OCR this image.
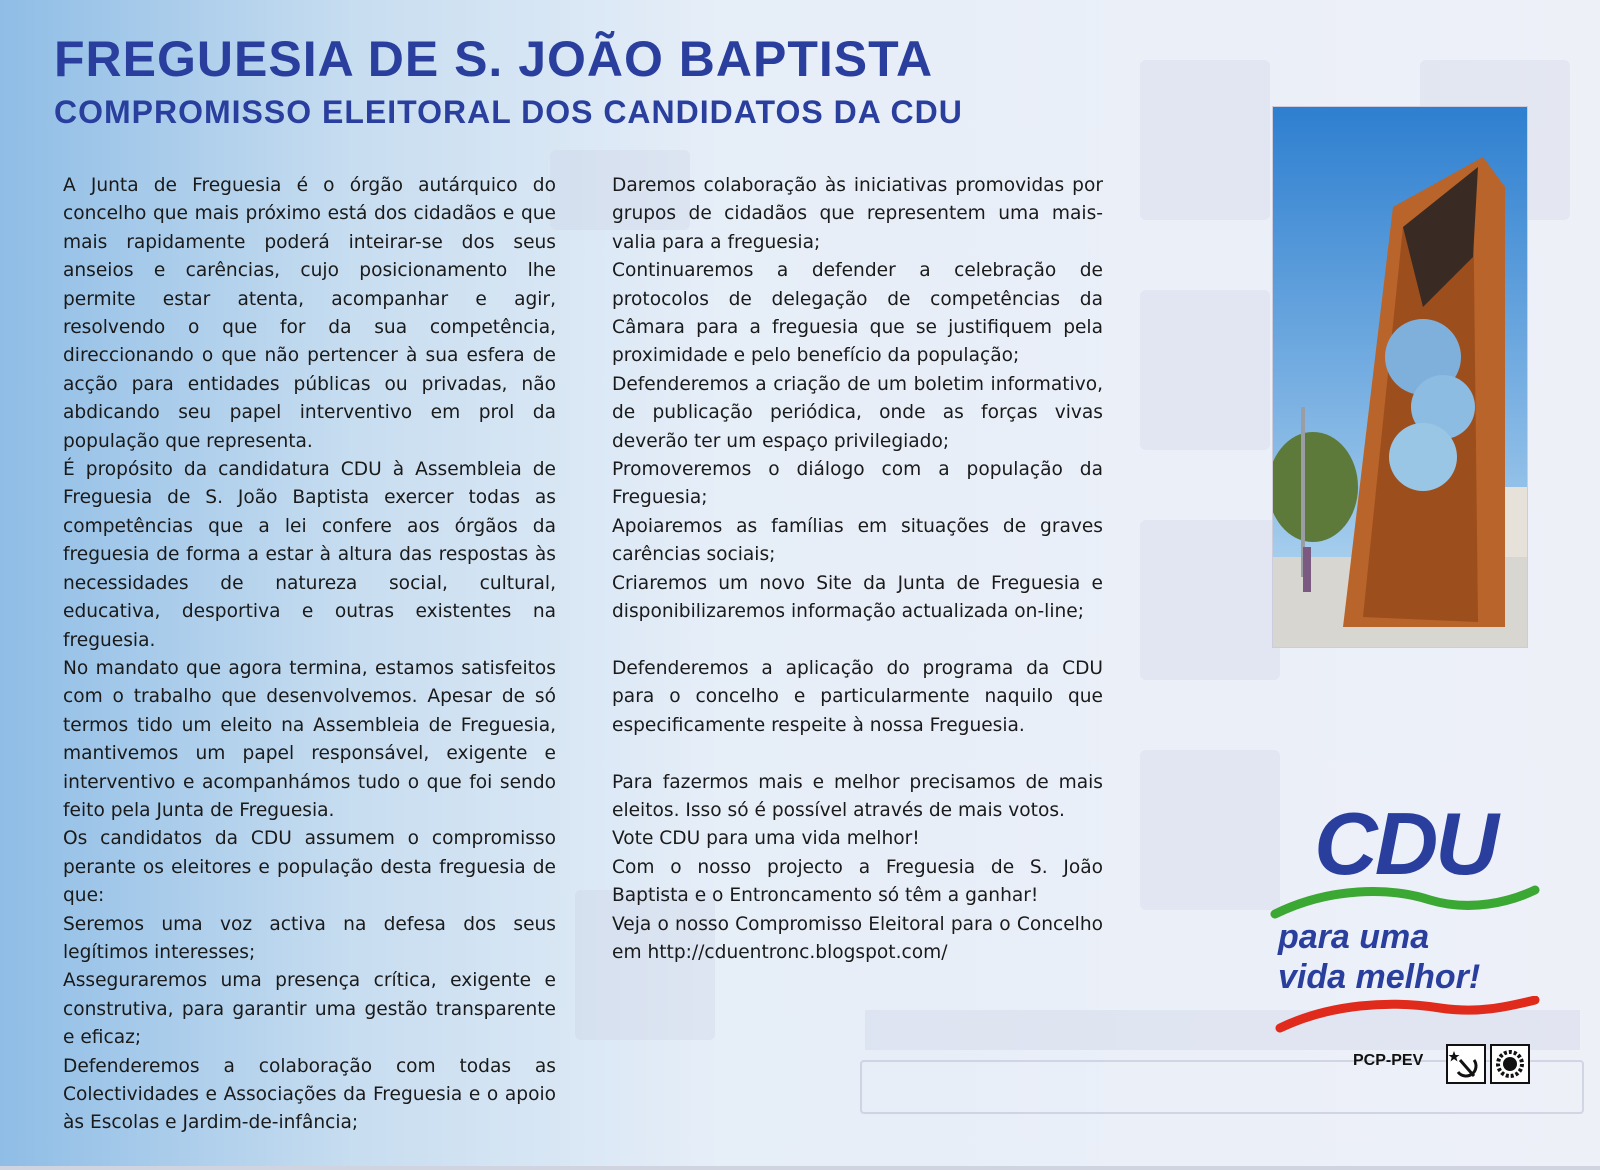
FREGUESIA DE S. JOÃO BAPTISTA
COMPROMISSO ELEITORAL DOS CANDIDATOS DA CDU

A Junta de Freguesia é o órgão autárquico do concelho que mais próximo está dos cidadãos e que mais rapidamente poderá inteirar-se dos seus anseios e carências, cujo posicionamento lhe permite estar atenta, acompanhar e agir, resolvendo o que for da sua competência, direccionando o que não pertencer à sua esfera de acção para entidades públicas ou privadas, não abdicando seu papel interventivo em prol da população que representa.

É propósito da candidatura CDU à Assembleia de Freguesia de S. João Baptista exercer todas as competências que a lei confere aos órgãos da freguesia de forma a estar à altura das respostas às necessidades de natureza social, cultural, educativa, desportiva e outras existentes na freguesia.

No mandato que agora termina, estamos satisfeitos com o trabalho que desenvolvemos. Apesar de só termos tido um eleito na Assembleia de Freguesia, mantivemos um papel responsável, exigente e interventivo e acompanhámos tudo o que foi sendo feito pela Junta de Freguesia.

Os candidatos da CDU assumem o compromisso perante os eleitores e população desta freguesia de que:

Seremos uma voz activa na defesa dos seus legítimos interesses;

Asseguraremos uma presença crítica, exigente e construtiva, para garantir uma gestão transparente e eficaz;

Defenderemos a colaboração com todas as Colectividades e Associações da Freguesia e o apoio às Escolas e Jardim-de-infância;

Daremos colaboração às iniciativas promovidas por grupos de cidadãos que representem uma mais-valia para a freguesia;

Continuaremos a defender a celebração de protocolos de delegação de competências da Câmara para a freguesia que se justifiquem pela proximidade e pelo benefício da população;

Defenderemos a criação de um boletim informativo, de publicação periódica, onde as forças vivas deverão ter um espaço privilegiado;

Promoveremos o diálogo com a população da Freguesia;

Apoiaremos as famílias em situações de graves carências sociais;

Criaremos um novo Site da Junta de Freguesia e disponibilizaremos informação actualizada on-line;

Defenderemos a aplicação do programa da CDU para o concelho e particularmente naquilo que especificamente respeite à nossa Freguesia.

Para fazermos mais e melhor precisamos de mais eleitos. Isso só é possível através de mais votos.

Vote CDU para uma vida melhor!

Com o nosso projecto a Freguesia de S. João Baptista e o Entroncamento só têm a ganhar!

Veja o nosso Compromisso Eleitoral para o Concelho em http://cduentronc.blogspot.com/

CDU
para uma
vida melhor!
PCP-PEV
